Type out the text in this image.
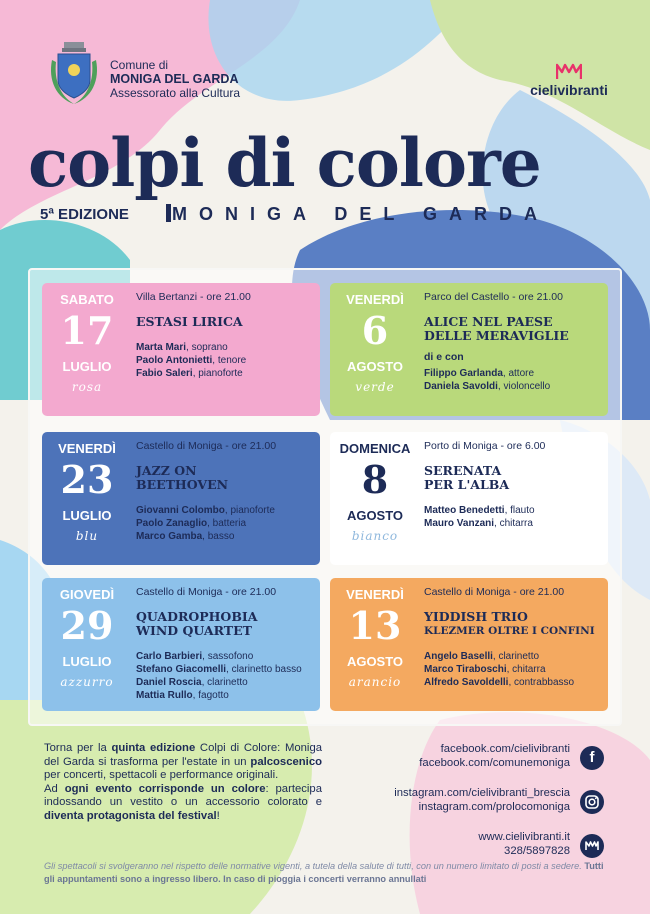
Comune di
MONIGA DEL GARDA
Assessorato alla Cultura	cielivibranti
colpi di colore
5ª EDIZIONE MONIGA DEL GARDA
SABATO
17
LUGLIO
rosa
Villa Bertanzi - ore 21.00
ESTASI LIRICA
Marta Mari, soprano
Paolo Antonietti, tenore
Fabio Saleri, pianoforte
VENERDÌ
6
AGOSTO
verde
Parco del Castello - ore 21.00
ALICE NEL PAESE
DELLE MERAVIGLIE
di e con
Filippo Garlanda, attore
Daniela Savoldi, violoncello
VENERDÌ
23
LUGLIO
blu
Castello di Moniga - ore 21.00
JAZZ ON
BEETHOVEN
Giovanni Colombo, pianoforte
Paolo Zanaglio, batteria
Marco Gamba, basso
DOMENICA
8
AGOSTO
bianco
Porto di Moniga - ore 6.00
SERENATA
PER L'ALBA
Matteo Benedetti, flauto
Mauro Vanzani, chitarra
GIOVEDÌ
29
LUGLIO
azzurro
Castello di Moniga - ore 21.00
QUADROPHOBIA
WIND QUARTET
Carlo Barbieri, sassofono
Stefano Giacomelli, clarinetto basso
Daniel Roscia, clarinetto
Mattia Rullo, fagotto
VENERDÌ
13
AGOSTO
arancio
Castello di Moniga - ore 21.00
YIDDISH TRIO
KLEZMER OLTRE I CONFINI
Angelo Baselli, clarinetto
Marco Tiraboschi, chitarra
Alfredo Savoldelli, contrabbasso

Torna per la quinta edizione Colpi di Colore: Moniga del Garda si trasforma per l'estate in un palcoscenico per concerti, spettacoli e performance originali.

Ad ogni evento corrisponde un colore: partecipa indossando un vestito o un accessorio colorato e diventa protagonista del festival!

facebook.com/cielivibranti
facebook.com/comunemoniga	f
instagram.com/cielivibranti_brescia
instagram.com/prolocomoniga
www.cielivibranti.it
328/5897828
Gli spettacoli si svolgeranno nel rispetto delle normative vigenti, a tutela della salute di tutti, con un numero limitato di posti a sedere. Tutti gli appuntamenti sono a ingresso libero. In caso di pioggia i concerti verranno annullati
